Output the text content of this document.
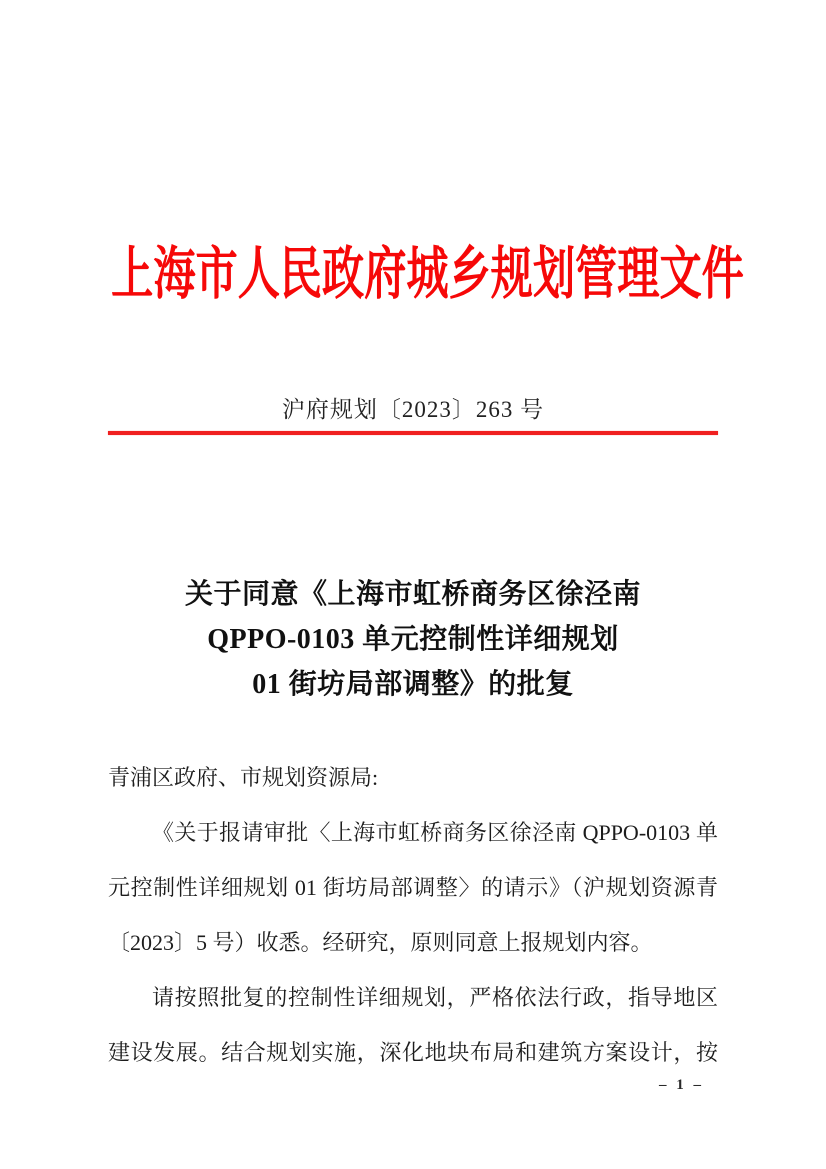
上海市人民政府城乡规划管理文件
沪府规划〔2023〕263 号
关于同意《上海市虹桥商务区徐泾南
QPPO-0103 单元控制性详细规划
01 街坊局部调整》的批复
青浦区政府、市规划资源局:
《关于报请审批〈上海市虹桥商务区徐泾南 QPPO-0103 单
元控制性详细规划 01 街坊局部调整〉的请示》（沪规划资源青
〔2023〕5 号）收悉。经研究，原则同意上报规划内容。
请按照批复的控制性详细规划，严格依法行政，指导地区
建设发展。结合规划实施，深化地块布局和建筑方案设计，按
– 1 –
